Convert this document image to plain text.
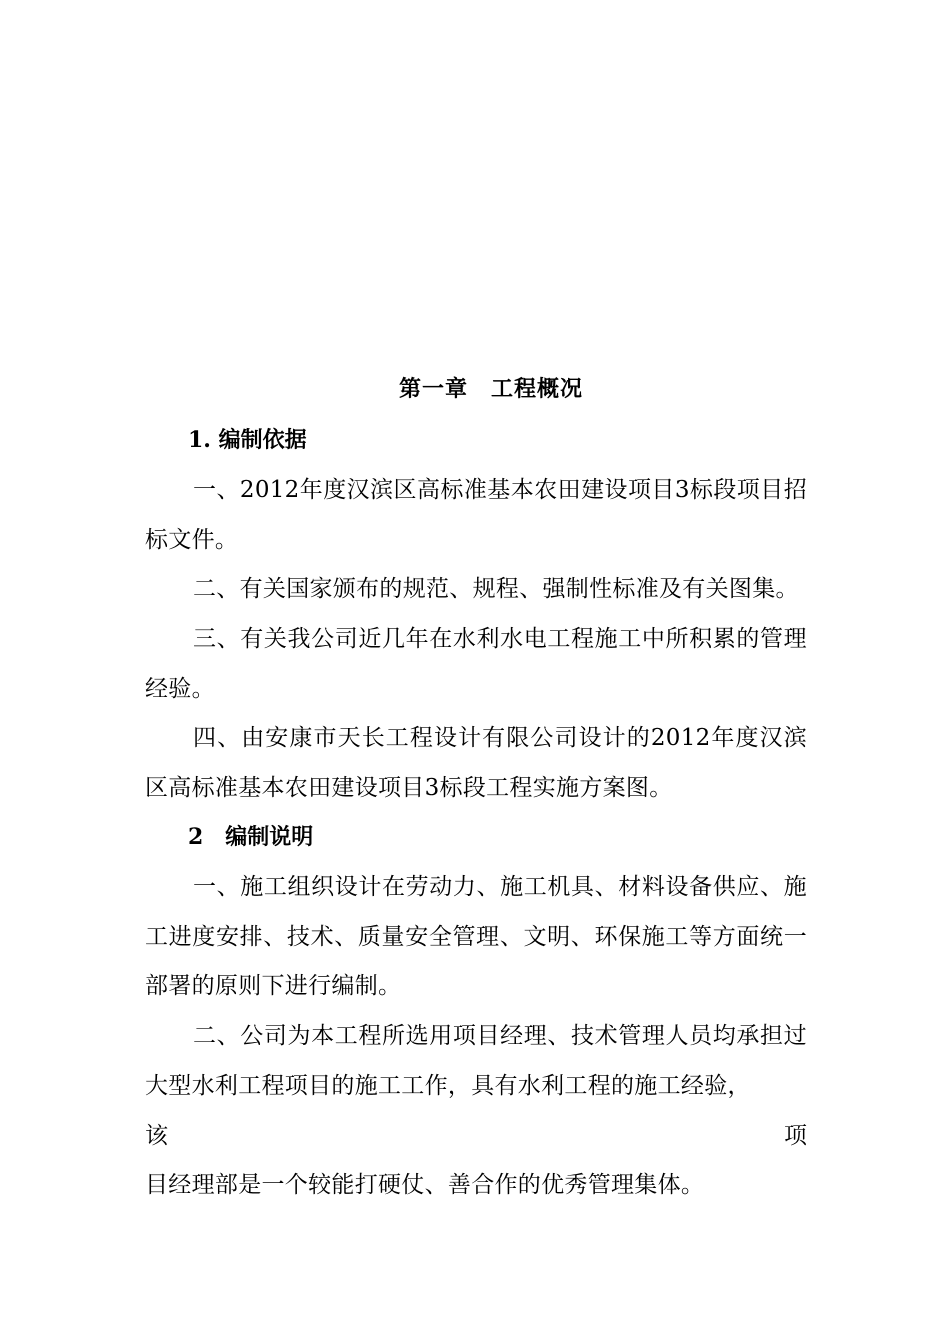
第一章　工程概况
1. 编制依据
一、2012年度汉滨区高标准基本农田建设项目3标段项目招标文件。
二、有关国家颁布的规范、规程、强制性标准及有关图集。
三、有关我公司近几年在水利水电工程施工中所积累的管理经验。
四、由安康市天长工程设计有限公司设计的2012年度汉滨区高标准基本农田建设项目3标段工程实施方案图。
2　编制说明
一、施工组织设计在劳动力、施工机具、材料设备供应、施工进度安排、技术、质量安全管理、文明、环保施工等方面统一部署的原则下进行编制。
二、公司为本工程所选用项目经理、技术管理人员均承担过大型水利工程项目的施工工作，具有水利工程的施工经验，
该	项
目经理部是一个较能打硬仗、善合作的优秀管理集体。
